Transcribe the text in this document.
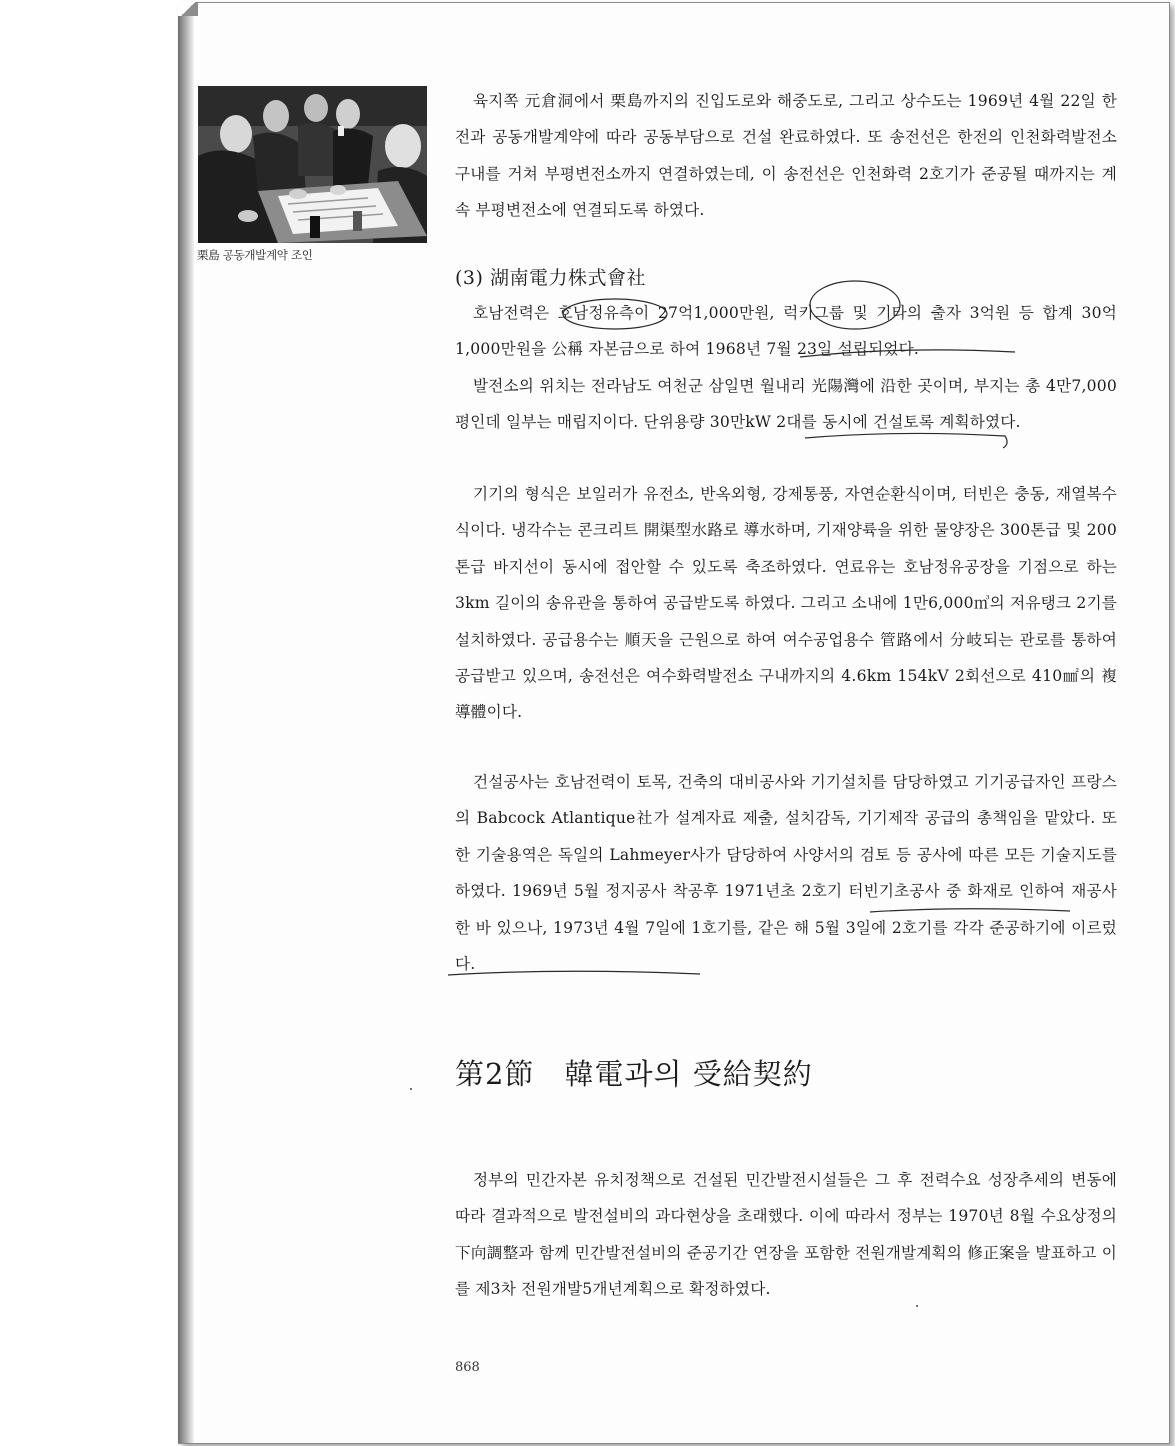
栗島 공동개발계약 조인

육지쪽 元倉洞에서 栗島까지의 진입도로와 해중도로, 그리고 상수도는 1969년 4월 22일 한전과 공동개발계약에 따라 공동부담으로 건설 완료하였다. 또 송전선은 한전의 인천화력발전소 구내를 거쳐 부평변전소까지 연결하였는데, 이 송전선은 인천화력 2호기가 준공될 때까지는 계속 부평변전소에 연결되도록 하였다.

(3) 湖南電力株式會社

호남전력은 호남정유측이 27억1,000만원, 럭키그룹 및 기타의 출자 3억원 등 합계 30억1,000만원을 公稱 자본금으로 하여 1968년 7월 23일 설립되었다.

발전소의 위치는 전라남도 여천군 삼일면 월내리 光陽灣에 沿한 곳이며, 부지는 총 4만7,000평인데 일부는 매립지이다. 단위용량 30만kW 2대를 동시에 건설토록 계획하였다.

기기의 형식은 보일러가 유전소, 반옥외형, 강제통풍, 자연순환식이며, 터빈은 충동, 재열복수식이다. 냉각수는 콘크리트 開渠型水路로 導水하며, 기재양륙을 위한 물양장은 300톤급 및 200톤급 바지선이 동시에 접안할 수 있도록 축조하였다. 연료유는 호남정유공장을 기점으로 하는 3km 길이의 송유관을 통하여 공급받도록 하였다. 그리고 소내에 1만6,000㎥의 저유탱크 2기를 설치하였다. 공급용수는 順天을 근원으로 하여 여수공업용수 管路에서 分岐되는 관로를 통하여 공급받고 있으며, 송전선은 여수화력발전소 구내까지의 4.6km 154kV 2회선으로 410㎟의 複導體이다.

건설공사는 호남전력이 토목, 건축의 대비공사와 기기설치를 담당하였고 기기공급자인 프랑스의 Babcock Atlantique社가 설계자료 제출, 설치감독, 기기제작 공급의 총책임을 맡았다. 또한 기술용역은 독일의 Lahmeyer사가 담당하여 사양서의 검토 등 공사에 따른 모든 기술지도를 하였다. 1969년 5월 정지공사 착공후 1971년초 2호기 터빈기초공사 중 화재로 인하여 재공사한 바 있으나, 1973년 4월 7일에 1호기를, 같은 해 5월 3일에 2호기를 각각 준공하기에 이르렀다.

第2節　韓電과의 受給契約

정부의 민간자본 유치정책으로 건설된 민간발전시설들은 그 후 전력수요 성장추세의 변동에 따라 결과적으로 발전설비의 과다현상을 초래했다. 이에 따라서 정부는 1970년 8월 수요상정의 下向調整과 함께 민간발전설비의 준공기간 연장을 포함한 전원개발계획의 修正案을 발표하고 이를 제3차 전원개발5개년계획으로 확정하였다.

868
